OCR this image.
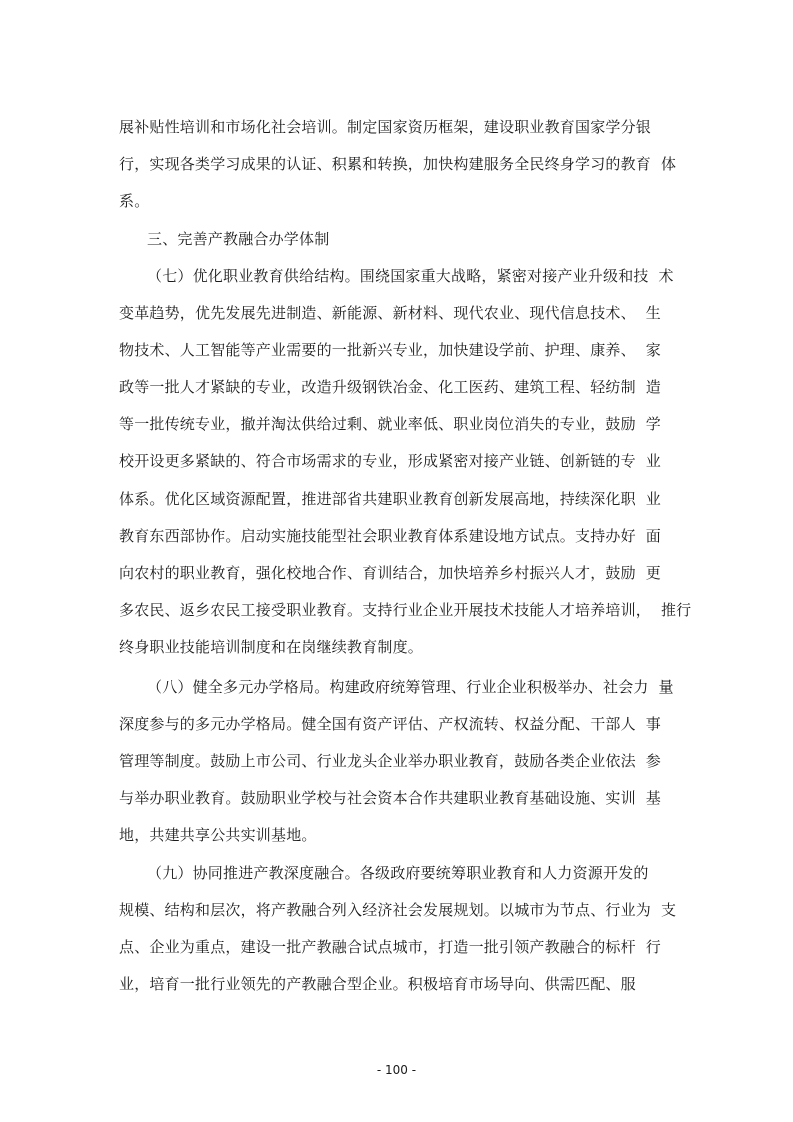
展补贴性培训和市场化社会培训。制定国家资历框架，建设职业教育国家学分银
行，实现各类学习成果的认证、积累和转换，加快构建服务全民终身学习的教育  体
系。
三、完善产教融合办学体制
（七）优化职业教育供给结构。围绕国家重大战略，紧密对接产业升级和技  术
变革趋势，优先发展先进制造、新能源、新材料、现代农业、现代信息技术、  生
物技术、人工智能等产业需要的一批新兴专业，加快建设学前、护理、康养、  家
政等一批人才紧缺的专业，改造升级钢铁冶金、化工医药、建筑工程、轻纺制  造
等一批传统专业，撤并淘汰供给过剩、就业率低、职业岗位消失的专业，鼓励  学
校开设更多紧缺的、符合市场需求的专业，形成紧密对接产业链、创新链的专  业
体系。优化区域资源配置，推进部省共建职业教育创新发展高地，持续深化职  业
教育东西部协作。启动实施技能型社会职业教育体系建设地方试点。支持办好  面
向农村的职业教育，强化校地合作、育训结合，加快培养乡村振兴人才，鼓励  更
多农民、返乡农民工接受职业教育。支持行业企业开展技术技能人才培养培训，  推行
终身职业技能培训制度和在岗继续教育制度。
（八）健全多元办学格局。构建政府统筹管理、行业企业积极举办、社会力  量
深度参与的多元办学格局。健全国有资产评估、产权流转、权益分配、干部人  事
管理等制度。鼓励上市公司、行业龙头企业举办职业教育，鼓励各类企业依法  参
与举办职业教育。鼓励职业学校与社会资本合作共建职业教育基础设施、实训  基
地，共建共享公共实训基地。
（九）协同推进产教深度融合。各级政府要统筹职业教育和人力资源开发的
规模、结构和层次，将产教融合列入经济社会发展规划。以城市为节点、行业为  支
点、企业为重点，建设一批产教融合试点城市，打造一批引领产教融合的标杆  行
业，培育一批行业领先的产教融合型企业。积极培育市场导向、供需匹配、服
- 100 -
